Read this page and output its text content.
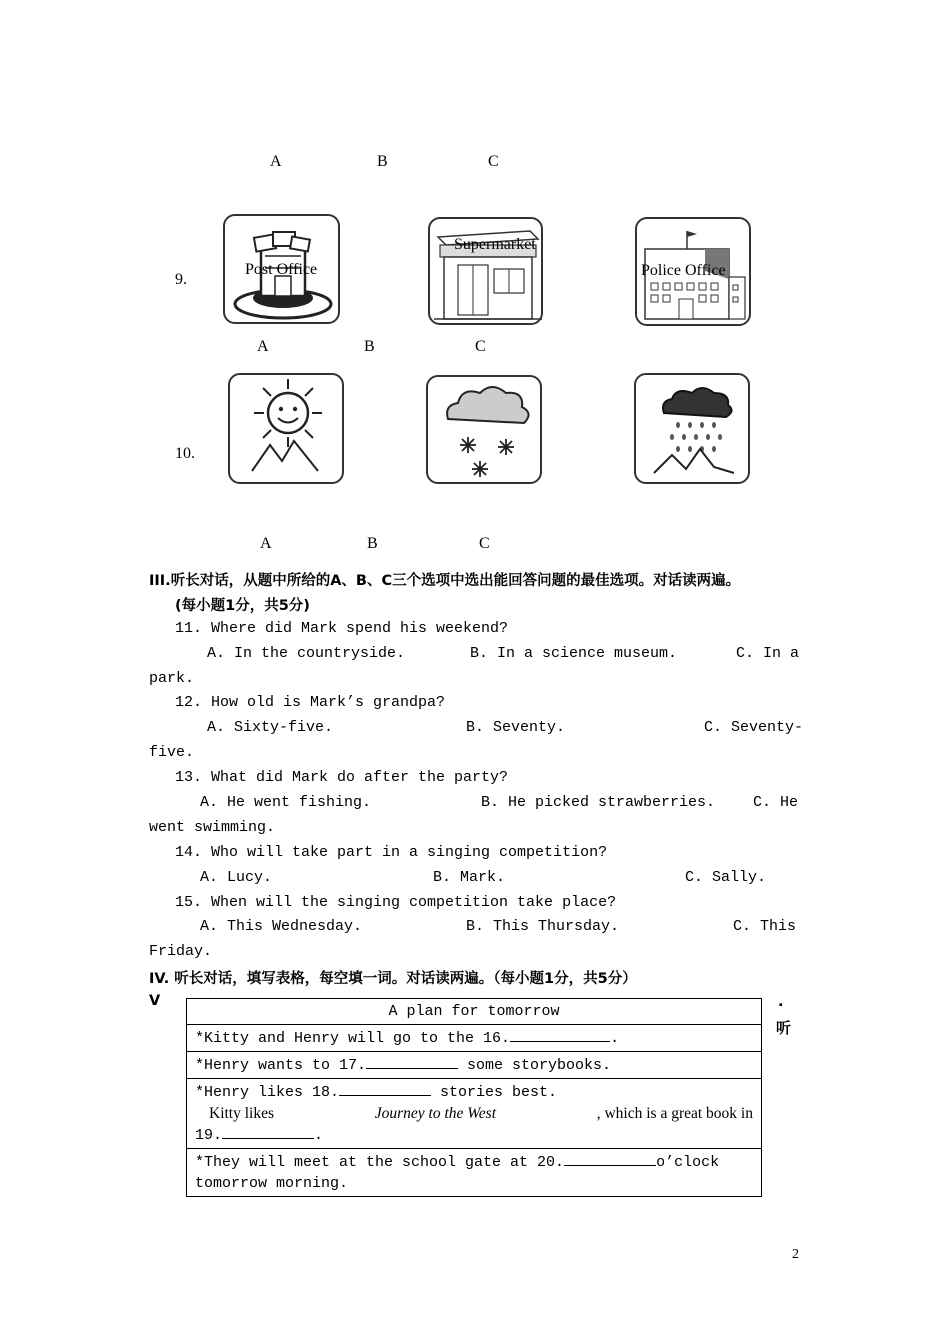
A	B	C
9.
Post Office
Supermarket
Police Office
A	B	C
10.
A	B	C
III.听长对话，从题中所给的A、B、C三个选项中选出能回答问题的最佳选项。对话读两遍。
(每小题1分，共5分)
11. Where did Mark spend his weekend?
A. In the countryside.	B. In a science museum.	C. In a
park.
12. How old is Mark’s grandpa?
A. Sixty-five.	B. Seventy.	C. Seventy-
five.
13. What did Mark do after the party?
A. He went fishing.	B. He picked strawberries.	C. He
went swimming.
14. Who will take part in a singing competition?
A. Lucy.	B. Mark.	C. Sally.
15. When will the singing competition take place?
A. This Wednesday.	B. This Thursday.	C. This
Friday.
IV. 听长对话，填写表格，每空填一词。对话读两遍。（每小题1分，共5分）
V	.
听
A plan for tomorrow
*Kitty and Henry will go to the 16.	.
*Henry wants to 17.	some storybooks.

*Henry likes 18.	stories best.
Kitty likes	Journey to the West	, which is a great book in
19.	.

*They will meet at the school gate at 20.	o’clock
tomorrow morning.
2
